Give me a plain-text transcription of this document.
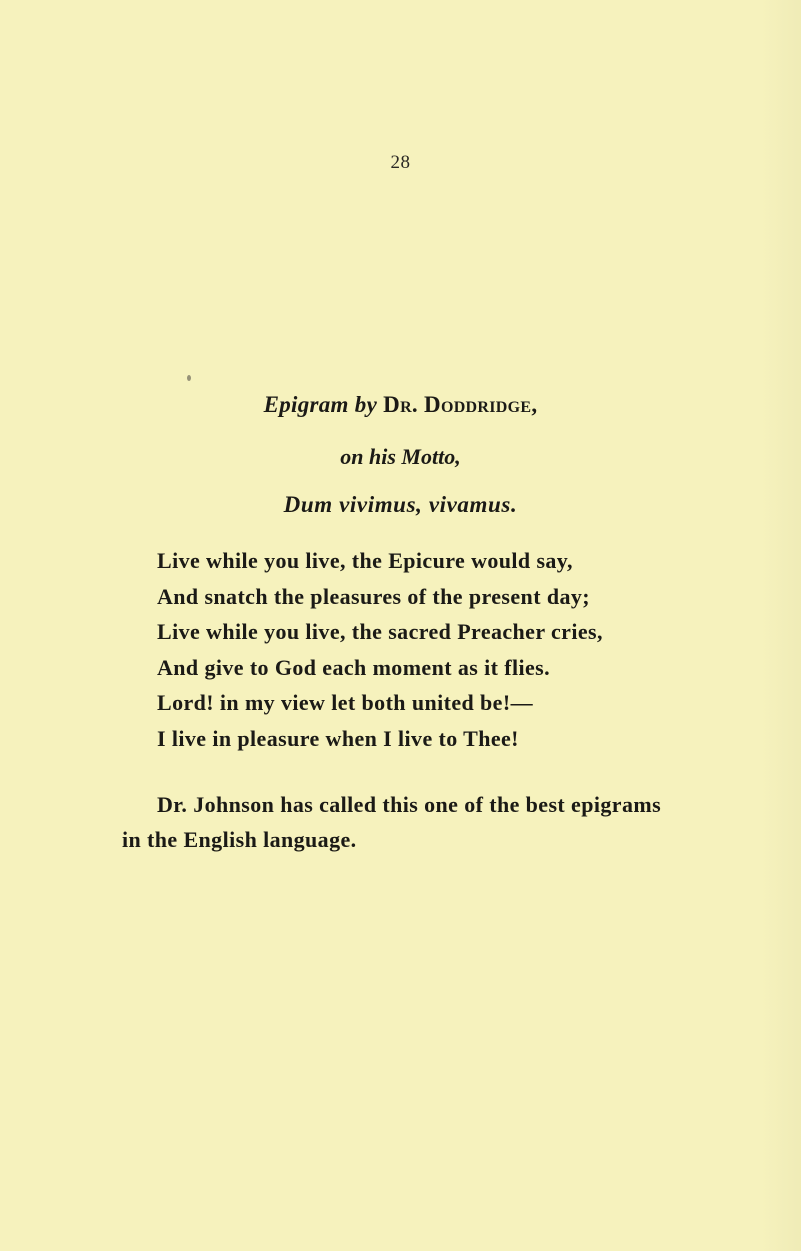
28
Epigram by Dr. Doddridge,
on his Motto,
Dum vivimus, vivamus.
Live while you live, the Epicure would say,
And snatch the pleasures of the present day;
Live while you live, the sacred Preacher cries,
And give to God each moment as it flies.
Lord! in my view let both united be!—
I live in pleasure when I live to Thee!
Dr. Johnson has called this one of the best epigrams
in the English language.
